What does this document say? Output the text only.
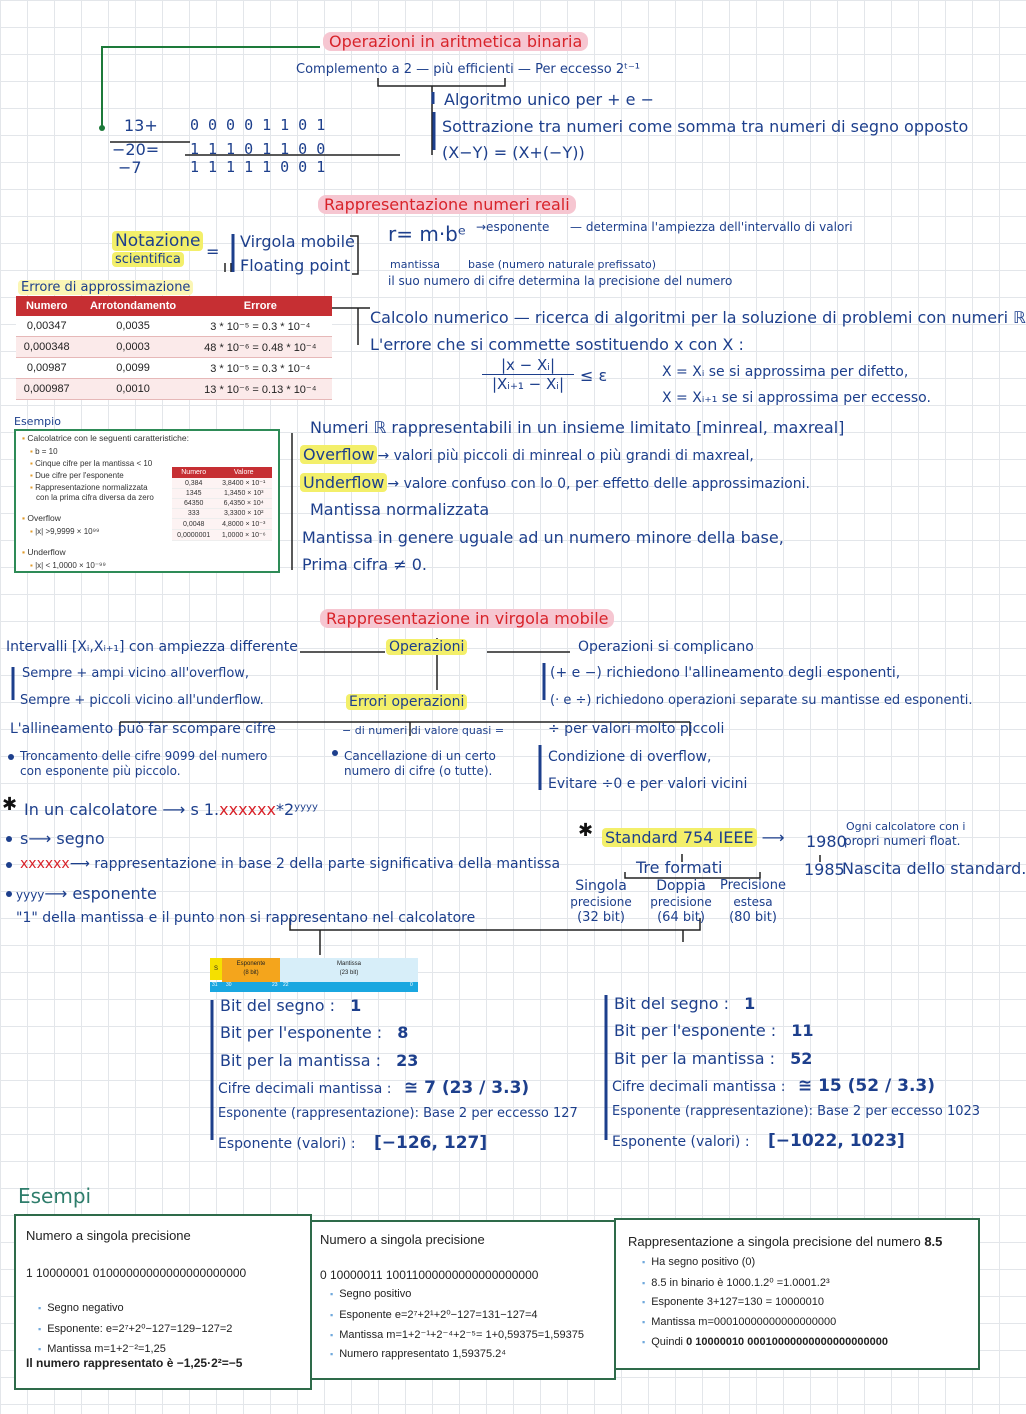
Operazioni in aritmetica binaria
Complemento a 2 — più efficienti — Per eccesso 2ᵗ⁻¹
Algoritmo unico per + e −
Sottrazione tra numeri come somma tra numeri di segno opposto
(X−Y) = (X+(−Y))
13+ 00001101
−20= 11101100
−7	11111001
Rappresentazione numeri reali
Notazione
scientifica	=
Virgola mobile
Floating point
r= m·bᵉ →esponente — determina l'ampiezza dell'intervallo di valori
mantissa	base (numero naturale prefissato)
il suo numero di cifre determina la precisione del numero
Calcolo numerico — ricerca di algoritmi per la soluzione di problemi con numeri ℝ
L'errore che si commette sostituendo x con X :
|x − Xᵢ|
|Xᵢ₊₁ − Xᵢ| ≤ ε	X = Xᵢ se si approssima per difetto,
X = Xᵢ₊₁ se si approssima per eccesso.
Errore di approssimazione
Numero	Arrotondamento	Errore
0,00347	0,0035	3 * 10⁻⁵ = 0.3 * 10⁻⁴
0,000348	0,0003	48 * 10⁻⁶ = 0.48 * 10⁻⁴
0,00987	0,0099	3 * 10⁻⁵ = 0.3 * 10⁻⁴
0,000987	0,0010	13 * 10⁻⁶ = 0.13 * 10⁻⁴
Esempio
▪ Calcolatrice con le seguenti caratteristiche:
▪ b = 10
▪ Cinque cifre per la mantissa < 10
▪ Due cifre per l'esponente
▪ Rappresentazione normalizzata
con la prima cifra diversa da zero
▪ Overflow
▪ |x| >9,9999 × 10⁹⁹
▪ Underflow
▪ |x| < 1,0000 × 10⁻⁹⁹
Numero	Valore
0,384	3,8400 × 10⁻¹
1345	1,3450 × 10³
64350	6,4350 × 10⁴
333	3,3300 × 10²
0,0048	4,8000 × 10⁻³
0,0000001	1,0000 × 10⁻⁶
Numeri ℝ rappresentabili in un insieme limitato [minreal, maxreal]
Overflow → valori più piccoli di minreal o più grandi di maxreal,
Underflow → valore confuso con lo 0, per effetto delle approssimazioni.
Mantissa normalizzata
Mantissa in genere uguale ad un numero minore della base,
Prima cifra ≠ 0.
Rappresentazione in virgola mobile
Intervalli [Xᵢ,Xᵢ₊₁] con ampiezza differente
Sempre + ampi vicino all'overflow,
Sempre + piccoli vicino all'underflow.
Operazioni	Operazioni si complicano
(+ e −) richiedono l'allineamento degli esponenti,
(· e ÷) richiedono operazioni separate su mantisse ed esponenti.
Errori operazioni
L'allineamento può far scompare cifre
Troncamento delle cifre 9099 del numero
con esponente più piccolo.
− di numeri di valore quasi =
Cancellazione di un certo
numero di cifre (o tutte).
÷ per valori molto piccoli
Condizione di overflow,
Evitare ÷0 e per valori vicini
✱ In un calcolatore ⟶ s 1.xxxxxx*2ʸʸʸʸ
s⟶ segno
xxxxxx⟶ rappresentazione in base 2 della parte significativa della mantissa
yyyy⟶ esponente
"1" della mantissa e il punto non si rappresentano nel calcolatore
✱ Standard 754 IEEE ⟶ 1980
Ogni calcolatore con i
propri numeri float.
1985
Nascita dello standard.
Tre formati
Singola
precisione
(32 bit)
Doppia
precisione
(64 bit)
Precisione
estesa
(80 bit)
S
Esponente
(8 bit)
Mantissa
(23 bit)
31 30	23 22	0
Bit del segno : 1
Bit per l'esponente : 8
Bit per la mantissa : 23
Cifre decimali mantissa : ≅ 7 (23 / 3.3)
Esponente (rappresentazione): Base 2 per eccesso 127
Esponente (valori) : [−126, 127]
Bit del segno : 1
Bit per l'esponente : 11
Bit per la mantissa : 52
Cifre decimali mantissa : ≅ 15 (52 / 3.3)
Esponente (rappresentazione): Base 2 per eccesso 1023
Esponente (valori) : [−1022, 1023]
Esempi
Numero a singola precisione
1 10000001 01000000000000000000000
▪ Segno negativo
▪ Esponente: e=2⁷+2⁰−127=129−127=2
▪ Mantissa m=1+2⁻²=1,25
Il numero rappresentato è −1,25·2²=−5
Numero a singola precisione
0 10000011 10011000000000000000000
▪ Segno positivo
▪ Esponente e=2⁷+2¹+2⁰−127=131−127=4
▪ Mantissa m=1+2⁻¹+2⁻⁴+2⁻⁵= 1+0,59375=1,59375
▪ Numero rappresentato 1,59375.2⁴
Rappresentazione a singola precisione del numero 8.5
▪ Ha segno positivo (0)
▪ 8.5 in binario è 1000.1.2⁰ =1.0001.2³
▪ Esponente 3+127=130 = 10000010
▪ Mantissa m=00010000000000000000
▪ Quindi 0 10000010 00010000000000000000000
